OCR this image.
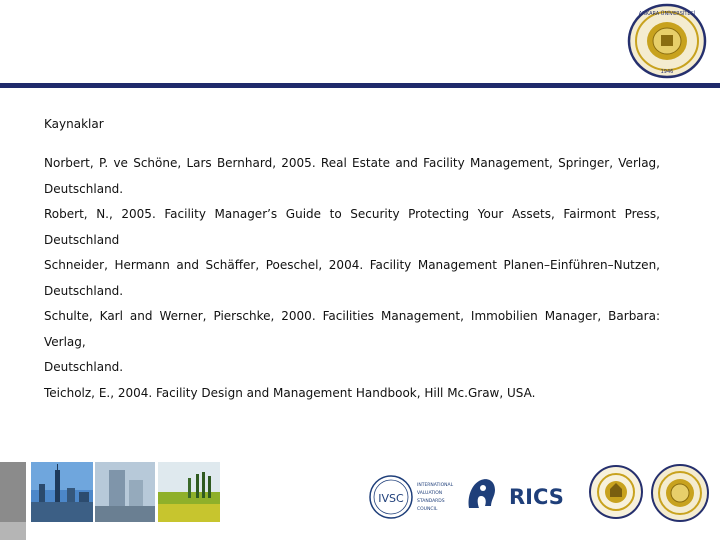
ANKARA ÜNİVERSİTESİ
1946

Kaynaklar

Norbert, P. ve Schöne, Lars Bernhard, 2005. Real Estate and Facility Management, Springer, Verlag,

Deutschland.

Robert, N., 2005. Facility Manager’s Guide to Security Protecting Your Assets, Fairmont Press, Deutschland

Schneider, Hermann and Schäffer, Poeschel, 2004. Facility Management Planen–Einführen–Nutzen,

Deutschland.

Schulte, Karl and Werner, Pierschke, 2000. Facilities Management, Immobilien Manager, Barbara: Verlag,

Deutschland.

Teicholz, E., 2004. Facility Design and Management Handbook, Hill Mc.Graw, USA.

IVSC
INTERNATIONAL
VALUATION
STANDARDS
COUNCIL
RICS
